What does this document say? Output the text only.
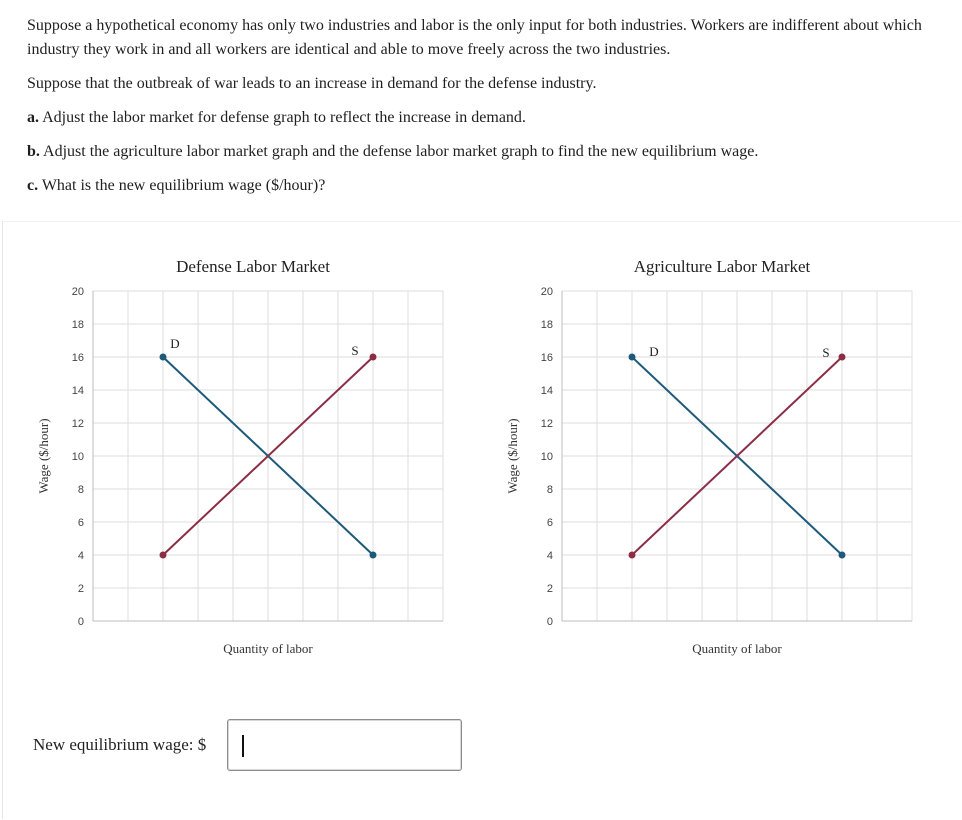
Suppose a hypothetical economy has only two industries and labor is the only input for both industries. Workers are indifferent about which industry they work in and all workers are identical and able to move freely across the two industries.

Suppose that the outbreak of war leads to an increase in demand for the defense industry.

a. Adjust the labor market for defense graph to reflect the increase in demand.

b. Adjust the agriculture labor market graph and the defense labor market graph to find the new equilibrium wage.

c. What is the new equilibrium wage ($/hour)?

Defense Labor Market
0
2
4
6
8
10
12
14
16
18
20
Wage ($/hour)
Quantity of labor
D	S
Agriculture Labor Market
0
2
4
6
8
10
12
14
16
18
20
Wage ($/hour)
Quantity of labor
D	S
New equilibrium wage: $
